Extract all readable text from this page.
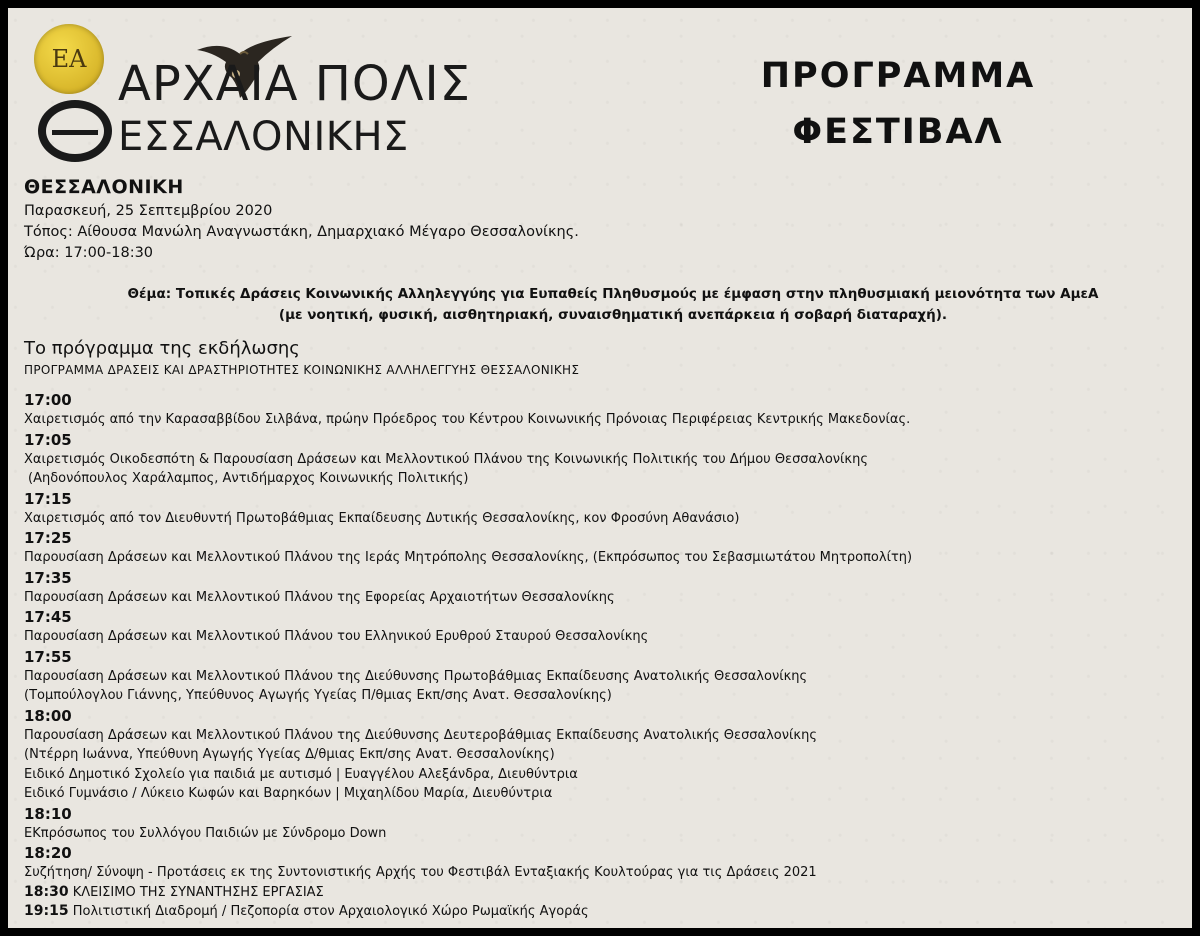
ΕΑ ΑΡΧΑΙΑ ΠΟΛΙΣ
ΕΣΣΑΛΟΝΙΚΗΣ
ΠΡΟΓΡΑΜΜΑ
ΦΕΣΤΙΒΑΛ
ΘΕΣΣΑΛΟΝΙΚΗ
Παρασκευή, 25 Σεπτεμβρίου 2020
Τόπος: Αίθουσα Μανώλη Αναγνωστάκη, Δημαρχιακό Μέγαρο Θεσσαλονίκης.
Ώρα: 17:00-18:30
Θέμα: Τοπικές Δράσεις Κοινωνικής Αλληλεγγύης για Ευπαθείς Πληθυσμούς με έμφαση στην πληθυσμιακή μειονότητα των ΑμεΑ
(με νοητική, φυσική, αισθητηριακή, συναισθηματική ανεπάρκεια ή σοβαρή διαταραχή).
Το πρόγραμμα της εκδήλωσης
ΠΡΟΓΡΑΜΜΑ ΔΡΑΣΕΙΣ ΚΑΙ ΔΡΑΣΤΗΡΙΟΤΗΤΕΣ ΚΟΙΝΩΝΙΚΗΣ ΑΛΛΗΛΕΓΓΥΗΣ ΘΕΣΣΑΛΟΝΙΚΗΣ
17:00
Χαιρετισμός από την Καρασαββίδου Σιλβάνα, πρώην Πρόεδρος του Κέντρου Κοινωνικής Πρόνοιας Περιφέρειας Κεντρικής Μακεδονίας.
17:05
Χαιρετισμός Οικοδεσπότη & Παρουσίαση Δράσεων και Μελλοντικού Πλάνου της Κοινωνικής Πολιτικής του Δήμου Θεσσαλονίκης
(Αηδονόπουλος Χαράλαμπος, Αντιδήμαρχος Κοινωνικής Πολιτικής)
17:15
Χαιρετισμός από τον Διευθυντή Πρωτοβάθμιας Εκπαίδευσης Δυτικής Θεσσαλονίκης, κον Φροσύνη Αθανάσιο)
17:25
Παρουσίαση Δράσεων και Μελλοντικού Πλάνου της Ιεράς Μητρόπολης Θεσσαλονίκης, (Εκπρόσωπος του Σεβασμιωτάτου Μητροπολίτη)
17:35
Παρουσίαση Δράσεων και Μελλοντικού Πλάνου της Εφορείας Αρχαιοτήτων Θεσσαλονίκης
17:45
Παρουσίαση Δράσεων και Μελλοντικού Πλάνου του Ελληνικού Ερυθρού Σταυρού Θεσσαλονίκης
17:55
Παρουσίαση Δράσεων και Μελλοντικού Πλάνου της Διεύθυνσης Πρωτοβάθμιας Εκπαίδευσης Ανατολικής Θεσσαλονίκης
(Τομπούλογλου Γιάννης, Υπεύθυνος Αγωγής Υγείας Π/θμιας Εκπ/σης Ανατ. Θεσσαλονίκης)
18:00
Παρουσίαση Δράσεων και Μελλοντικού Πλάνου της Διεύθυνσης Δευτεροβάθμιας Εκπαίδευσης Ανατολικής Θεσσαλονίκης
(Ντέρρη Ιωάννα, Υπεύθυνη Αγωγής Υγείας Δ/θμιας Εκπ/σης Ανατ. Θεσσαλονίκης)
Ειδικό Δημοτικό Σχολείο για παιδιά με αυτισμό | Ευαγγέλου Αλεξάνδρα, Διευθύντρια
Ειδικό Γυμνάσιο / Λύκειο Κωφών και Βαρηκόων | Μιχαηλίδου Μαρία, Διευθύντρια
18:10
ΕΚπρόσωπος του Συλλόγου Παιδιών με Σύνδρομο Down
18:20
Συζήτηση/ Σύνοψη - Προτάσεις εκ της Συντονιστικής Αρχής του Φεστιβάλ Ενταξιακής Κουλτούρας για τις Δράσεις 2021
18:30 ΚΛΕΙΣΙΜΟ ΤΗΣ ΣΥΝΑΝΤΗΣΗΣ ΕΡΓΑΣΙΑΣ
19:15 Πολιτιστική Διαδρομή / Πεζοπορία στον Αρχαιολογικό Χώρο Ρωμαϊκής Αγοράς
